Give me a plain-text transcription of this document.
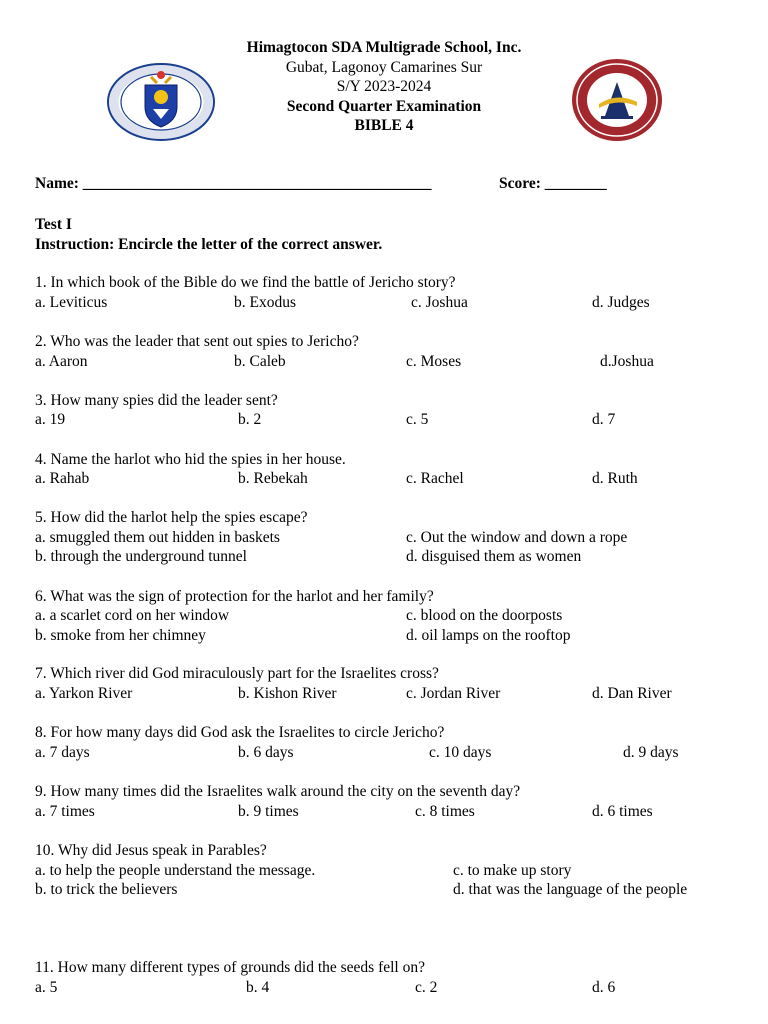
Himagtocon SDA Multigrade School, Inc.
Gubat, Lagonoy Camarines Sur
S/Y 2023-2024
Second Quarter Examination
BIBLE 4
Name: _____________________________________________	Score: ________
Test I
Instruction: Encircle the letter of the correct answer.
1. In which book of the Bible do we find the battle of Jericho story?
a. Leviticus	b. Exodus	c. Joshua	d. Judges
2. Who was the leader that sent out spies to Jericho?
a. Aaron	b. Caleb	c. Moses	d.Joshua
3. How many spies did the leader sent?
a. 19	b. 2	c. 5	d. 7
4. Name the harlot who hid the spies in her house.
a. Rahab	b. Rebekah	c. Rachel	d. Ruth
5. How did the harlot help the spies escape?
a. smuggled them out hidden in baskets	c. Out the window and down a rope
b. through the underground tunnel	d. disguised them as women
6. What was the sign of protection for the harlot and her family?
a. a scarlet cord on her window	c. blood on the doorposts
b. smoke from her chimney	d. oil lamps on the rooftop
7. Which river did God miraculously part for the Israelites cross?
a. Yarkon River	b. Kishon River	c. Jordan River	d. Dan River
8. For how many days did God ask the Israelites to circle Jericho?
a. 7 days	b. 6 days	c. 10 days	d. 9 days
9. How many times did the Israelites walk around the city on the seventh day?
a. 7 times	b. 9 times	c. 8 times	d. 6 times
10. Why did Jesus speak in Parables?
a. to help the people understand the message.	c. to make up story
b. to trick the believers	d. that was the language of the people
11. How many different types of grounds did the seeds fell on?
a. 5	b. 4	c. 2	d. 6
